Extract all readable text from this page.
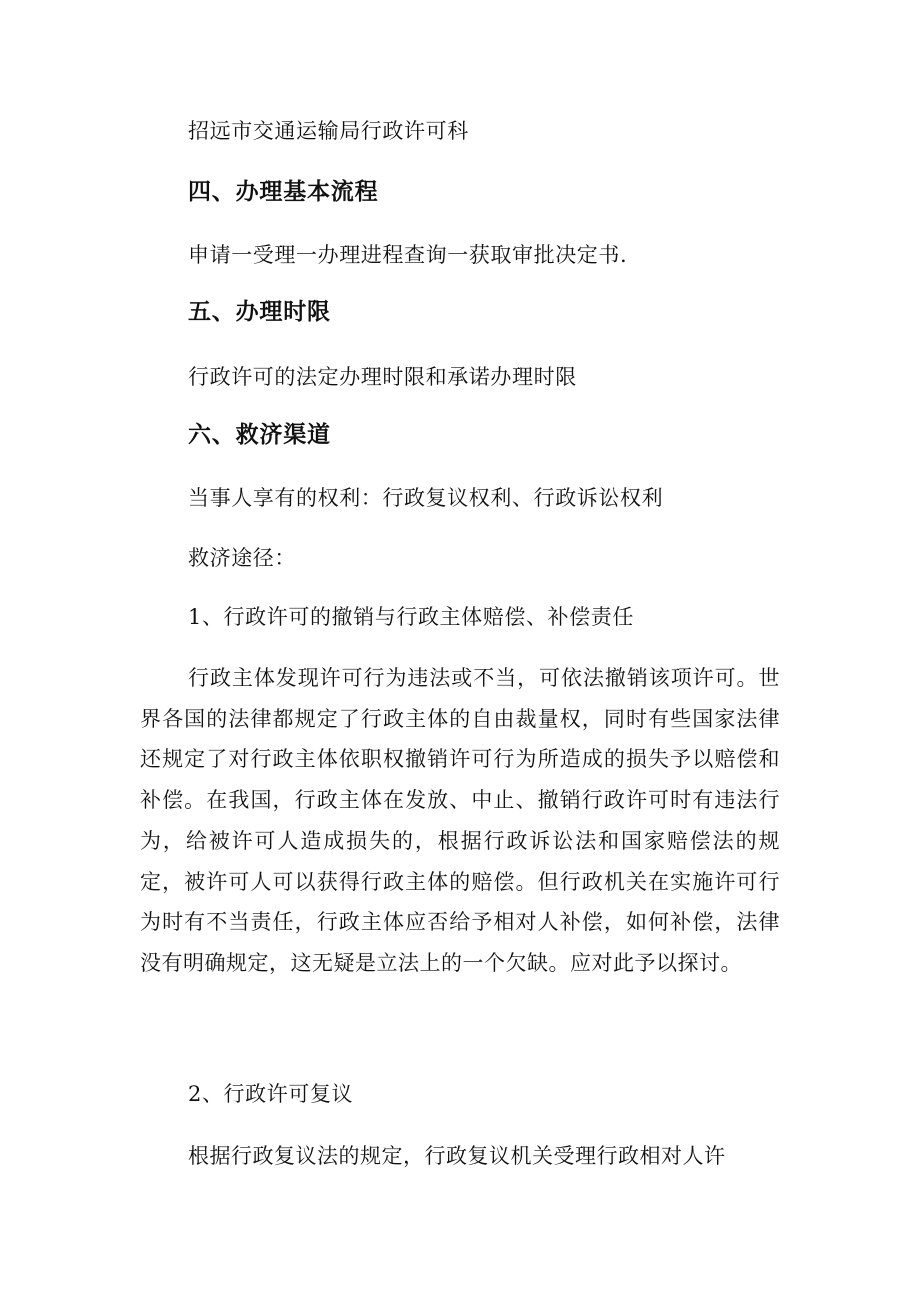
招远市交通运输局行政许可科
四、办理基本流程
申请一受理一办理进程查询一获取审批决定书.
五、办理时限
行政许可的法定办理时限和承诺办理时限
六、救济渠道
当事人享有的权利：行政复议权利、行政诉讼权利
救济途径：
1、行政许可的撤销与行政主体赔偿、补偿责任

行政主体发现许可行为违法或不当，可依法撤销该项许可。世界各国的法律都规定了行政主体的自由裁量权，同时有些国家法律还规定了对行政主体依职权撤销许可行为所造成的损失予以赔偿和补偿。在我国，行政主体在发放、中止、撤销行政许可时有违法行为，给被许可人造成损失的，根据行政诉讼法和国家赔偿法的规定，被许可人可以获得行政主体的赔偿。但行政机关在实施许可行为时有不当责任，行政主体应否给予相对人补偿，如何补偿，法律没有明确规定，这无疑是立法上的一个欠缺。应对此予以探讨。

2、行政许可复议

根据行政复议法的规定，行政复议机关受理行政相对人许
